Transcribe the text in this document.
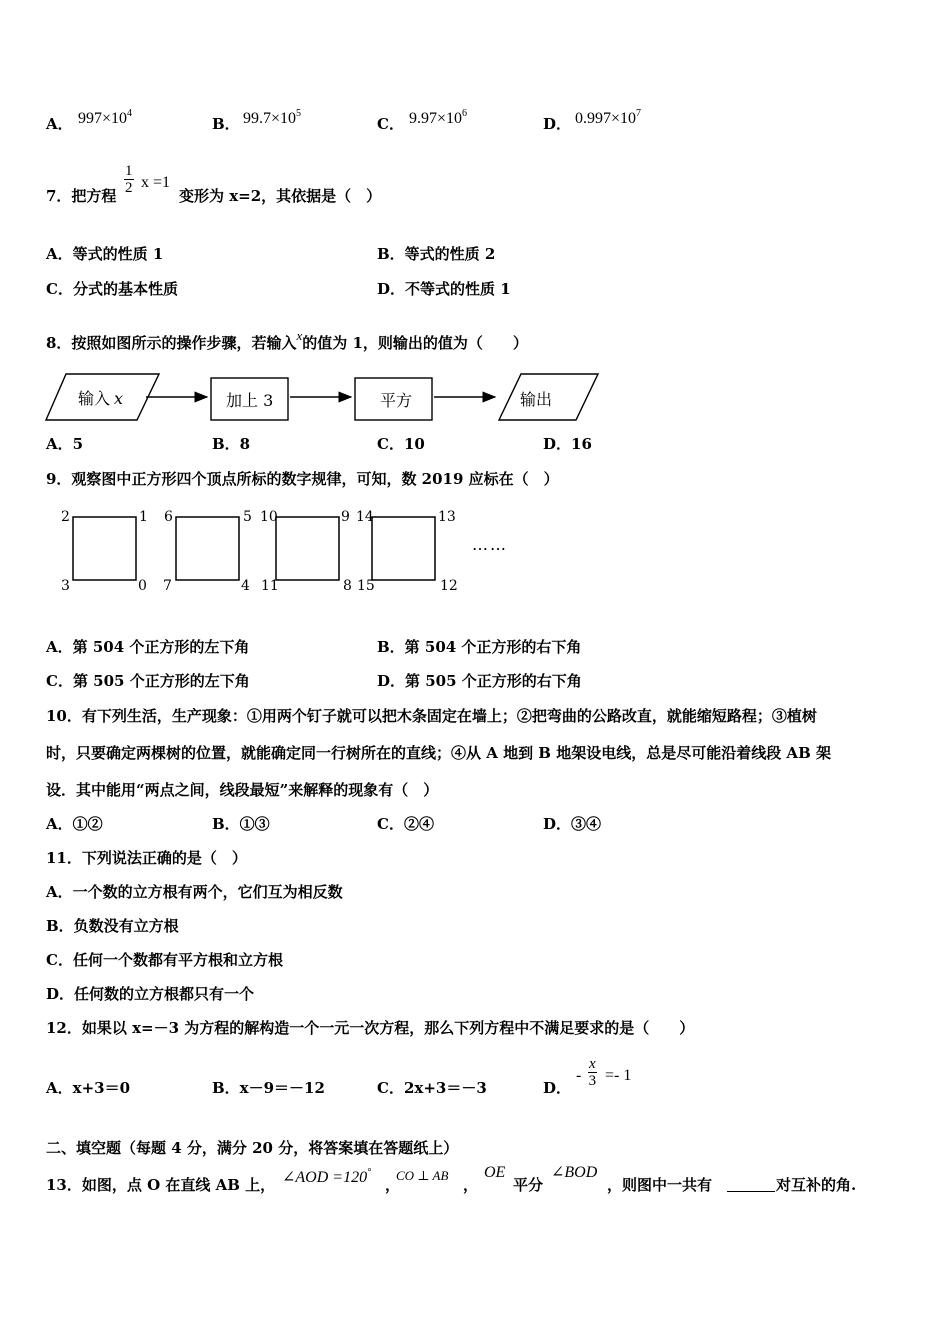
A． $997\times 10^4$
B． $99.7\times 10^5$
C． $9.97\times 10^6$
D． $0.997\times 10^7$
7．把方程 $\frac{1}{2}$ x =1
变形为 x=2，其依据是（　）
A．等式的性质 1	B．等式的性质 2
C．分式的基本性质	D．不等式的性质 1
8．按照如图所示的操作步骤，若输入x的值为 1，则输出的值为（　　）
输入 x	加上 3	平方	输出
A．5	B．8	C．10	D．16
9．观察图中正方形四个顶点所标的数字规律，可知，数 2019 应标在（　）
2	1
3	0
6	5
7	4
10	9
11	8
14	13
15	12
……
A．第 504 个正方形的左下角	B．第 504 个正方形的右下角
C．第 505 个正方形的左下角	D．第 505 个正方形的右下角
10．有下列生活，生产现象：①用两个钉子就可以把木条固定在墙上；②把弯曲的公路改直，就能缩短路程；③植树
时，只要确定两棵树的位置，就能确定同一行树所在的直线；④从 A 地到 B 地架设电线，总是尽可能沿着线段 AB 架
设．其中能用“两点之间，线段最短”来解释的现象有（　）
A．①②	B．①③	C．②④	D．③④
11．下列说法正确的是（　）
A．一个数的立方根有两个，它们互为相反数
B．负数没有立方根
C．任何一个数都有平方根和立方根
D．任何数的立方根都只有一个
12．如果以 x=－3 为方程的解构造一个一元一次方程，那么下列方程中不满足要求的是（　　）
A．x+3＝0	B．x－9＝－12	C．2x+3＝－3	D．
- $\frac{x}{3} =- 1$
二、填空题（每题 4 分，满分 20 分，将答案填在答题纸上）
13．如图，点 O 在直线 AB 上， ∠AOD =120°
，
CO ⊥ AB
，
OE
平分
∠BOD
，则图中一共有	对互补的角.
